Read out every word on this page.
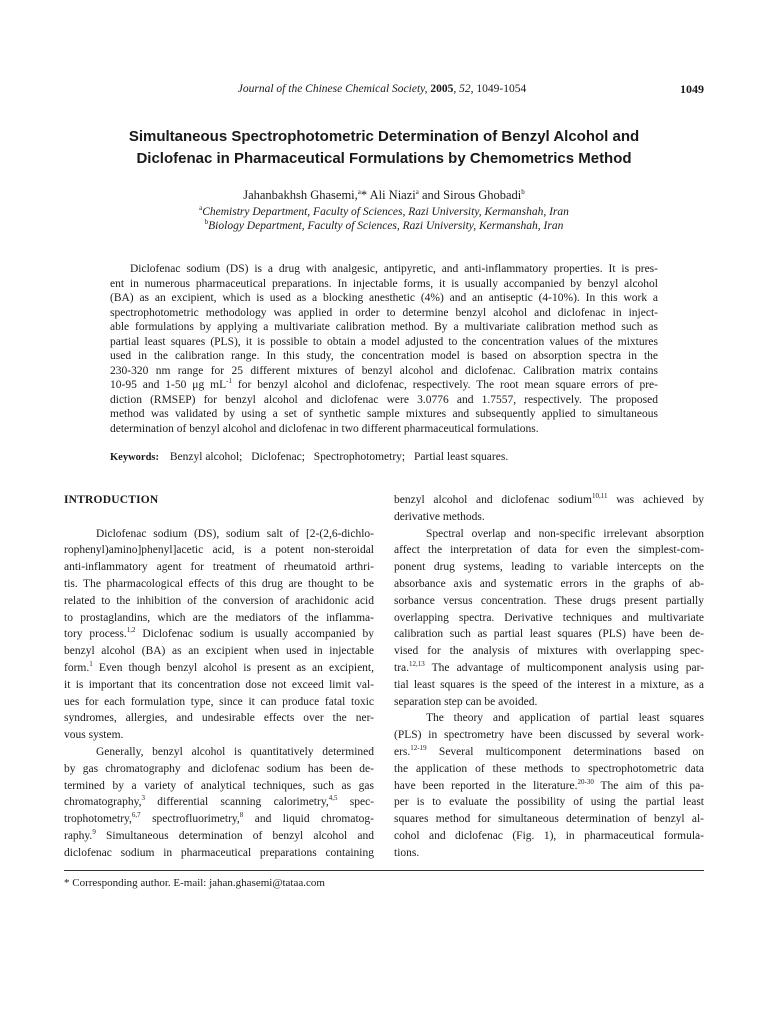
Journal of the Chinese Chemical Society, 2005, 52, 1049-1054	1049
Simultaneous Spectrophotometric Determination of Benzyl Alcohol and
Diclofenac in Pharmaceutical Formulations by Chemometrics Method
Jahanbakhsh Ghasemi,$^a$* Ali Niazi$^a$ and Sirous Ghobadi$^b$
$^a$Chemistry Department, Faculty of Sciences, Razi University, Kermanshah, Iran
$^b$Biology Department, Faculty of Sciences, Razi University, Kermanshah, Iran
Diclofenac sodium (DS) is a drug with analgesic, antipyretic, and anti-inflammatory properties. It is pres-
ent in numerous pharmaceutical preparations. In injectable forms, it is usually accompanied by benzyl alcohol
(BA) as an excipient, which is used as a blocking anesthetic (4%) and an antiseptic (4-10%). In this work a
spectrophotometric methodology was applied in order to determine benzyl alcohol and diclofenac in inject-
able formulations by applying a multivariate calibration method. By a multivariate calibration method such as
partial least squares (PLS), it is possible to obtain a model adjusted to the concentration values of the mixtures
used in the calibration range. In this study, the concentration model is based on absorption spectra in the
230-320 nm range for 25 different mixtures of benzyl alcohol and diclofenac. Calibration matrix contains
10-95 and 1-50 μg mL$^{-1}$ for benzyl alcohol and diclofenac, respectively. The root mean square errors of pre-
diction (RMSEP) for benzyl alcohol and diclofenac were 3.0776 and 1.7557, respectively. The proposed
method was validated by using a set of synthetic sample mixtures and subsequently applied to simultaneous
determination of benzyl alcohol and diclofenac in two different pharmaceutical formulations.
Keywords: Benzyl alcohol; Diclofenac; Spectrophotometry; Partial least squares.
INTRODUCTION
Diclofenac sodium (DS), sodium salt of [2-(2,6-dichlo-
rophenyl)amino]phenyl]acetic acid, is a potent non-steroidal
anti-inflammatory agent for treatment of rheumatoid arthri-
tis. The pharmacological effects of this drug are thought to be
related to the inhibition of the conversion of arachidonic acid
to prostaglandins, which are the mediators of the inflamma-
tory process.$^{1,2}$ Diclofenac sodium is usually accompanied by
benzyl alcohol (BA) as an excipient when used in injectable
form.$^1$ Even though benzyl alcohol is present as an excipient,
it is important that its concentration dose not exceed limit val-
ues for each formulation type, since it can produce fatal toxic
syndromes, allergies, and undesirable effects over the ner-
vous system.
Generally, benzyl alcohol is quantitatively determined
by gas chromatography and diclofenac sodium has been de-
termined by a variety of analytical techniques, such as gas
chromatography,$^3$ differential scanning calorimetry,$^{4,5}$ spec-
trophotometry,$^{6,7}$ spectrofluorimetry,$^8$ and liquid chromatog-
raphy.$^9$ Simultaneous determination of benzyl alcohol and
diclofenac sodium in pharmaceutical preparations containing
benzyl alcohol and diclofenac sodium$^{10,11}$ was achieved by
derivative methods.
Spectral overlap and non-specific irrelevant absorption
affect the interpretation of data for even the simplest-com-
ponent drug systems, leading to variable intercepts on the
absorbance axis and systematic errors in the graphs of ab-
sorbance versus concentration. These drugs present partially
overlapping spectra. Derivative techniques and multivariate
calibration such as partial least squares (PLS) have been de-
vised for the analysis of mixtures with overlapping spec-
tra.$^{12,13}$ The advantage of multicomponent analysis using par-
tial least squares is the speed of the interest in a mixture, as a
separation step can be avoided.
The theory and application of partial least squares
(PLS) in spectrometry have been discussed by several work-
ers.$^{12-19}$ Several multicomponent determinations based on
the application of these methods to spectrophotometric data
have been reported in the literature.$^{20-30}$ The aim of this pa-
per is to evaluate the possibility of using the partial least
squares method for simultaneous determination of benzyl al-
cohol and diclofenac (Fig. 1), in pharmaceutical formula-
tions.
* Corresponding author. E-mail: jahan.ghasemi@tataa.com
